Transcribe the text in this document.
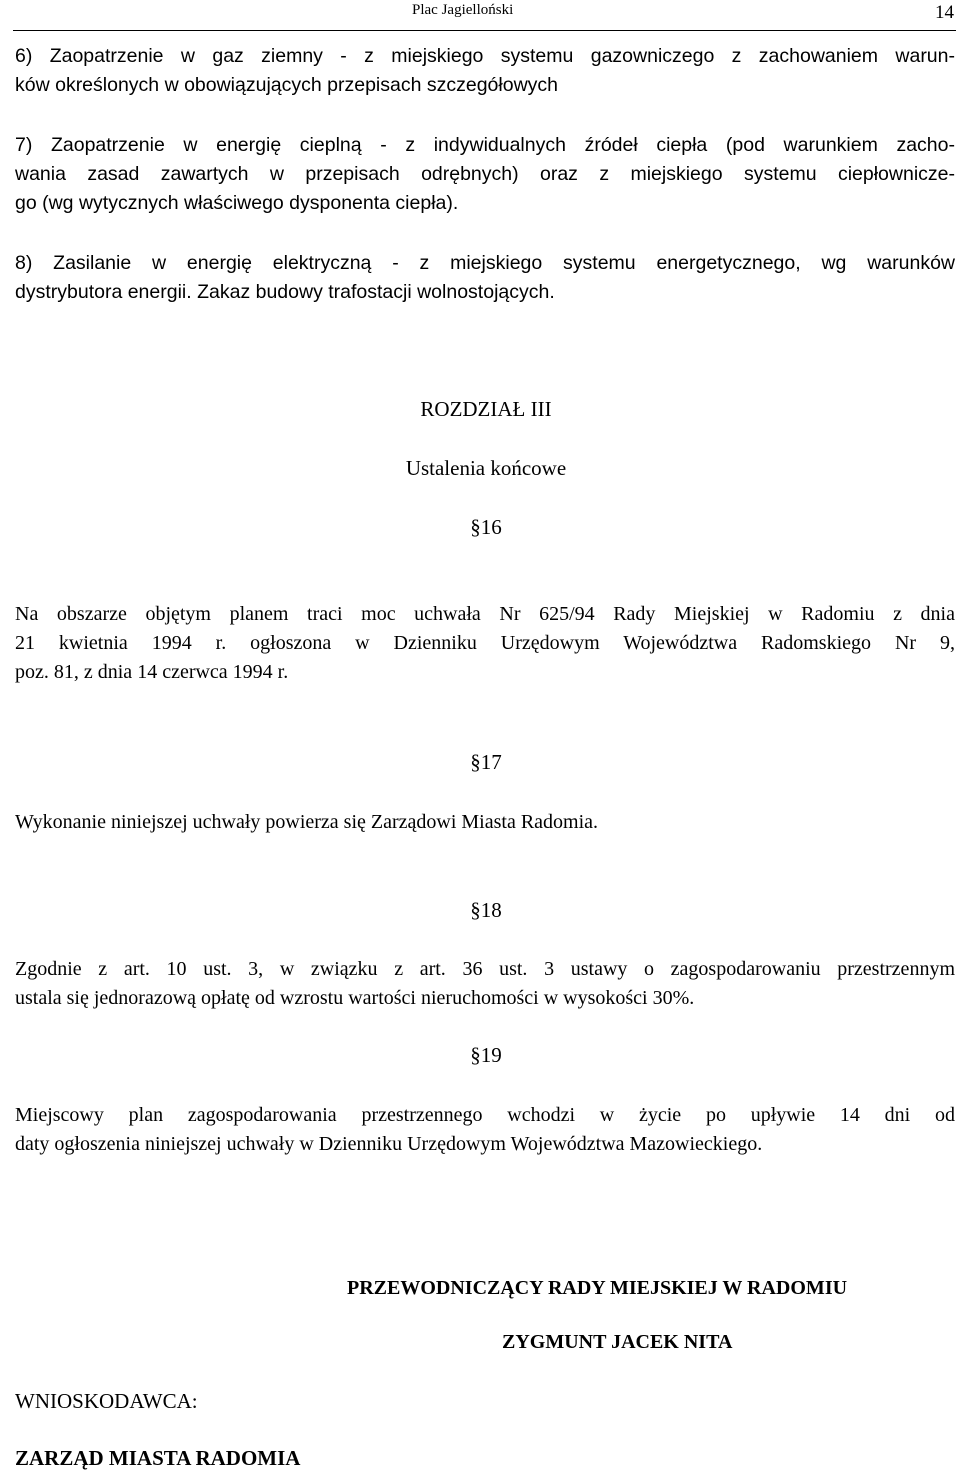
Plac Jagielloński	14
6) Zaopatrzenie w gaz ziemny - z miejskiego systemu gazowniczego z zachowaniem warun-
ków określonych w obowiązujących przepisach szczegółowych
7) Zaopatrzenie w energię cieplną - z indywidualnych źródeł ciepła (pod warunkiem zacho-
wania zasad zawartych w przepisach odrębnych) oraz z miejskiego systemu ciepłownicze-
go (wg wytycznych właściwego dysponenta ciepła).
8) Zasilanie w energię elektryczną - z miejskiego systemu energetycznego, wg warunków
dystrybutora energii. Zakaz budowy trafostacji wolnostojących.
ROZDZIAŁ III
Ustalenia końcowe
§16
Na obszarze objętym planem traci moc uchwała Nr 625/94 Rady Miejskiej w Radomiu z dnia
21 kwietnia 1994 r. ogłoszona w Dzienniku Urzędowym Województwa Radomskiego Nr 9,
poz. 81, z dnia 14 czerwca 1994 r.
§17
Wykonanie niniejszej uchwały powierza się Zarządowi Miasta Radomia.
§18
Zgodnie z art. 10 ust. 3, w związku z art. 36 ust. 3 ustawy o zagospodarowaniu przestrzennym
ustala się jednorazową opłatę od wzrostu wartości nieruchomości w wysokości 30%.
§19
Miejscowy plan zagospodarowania przestrzennego wchodzi w życie po upływie 14 dni od
daty ogłoszenia niniejszej uchwały w Dzienniku Urzędowym Województwa Mazowieckiego.
PRZEWODNICZĄCY RADY MIEJSKIEJ W RADOMIU
ZYGMUNT JACEK NITA
WNIOSKODAWCA:
ZARZĄD MIASTA RADOMIA
